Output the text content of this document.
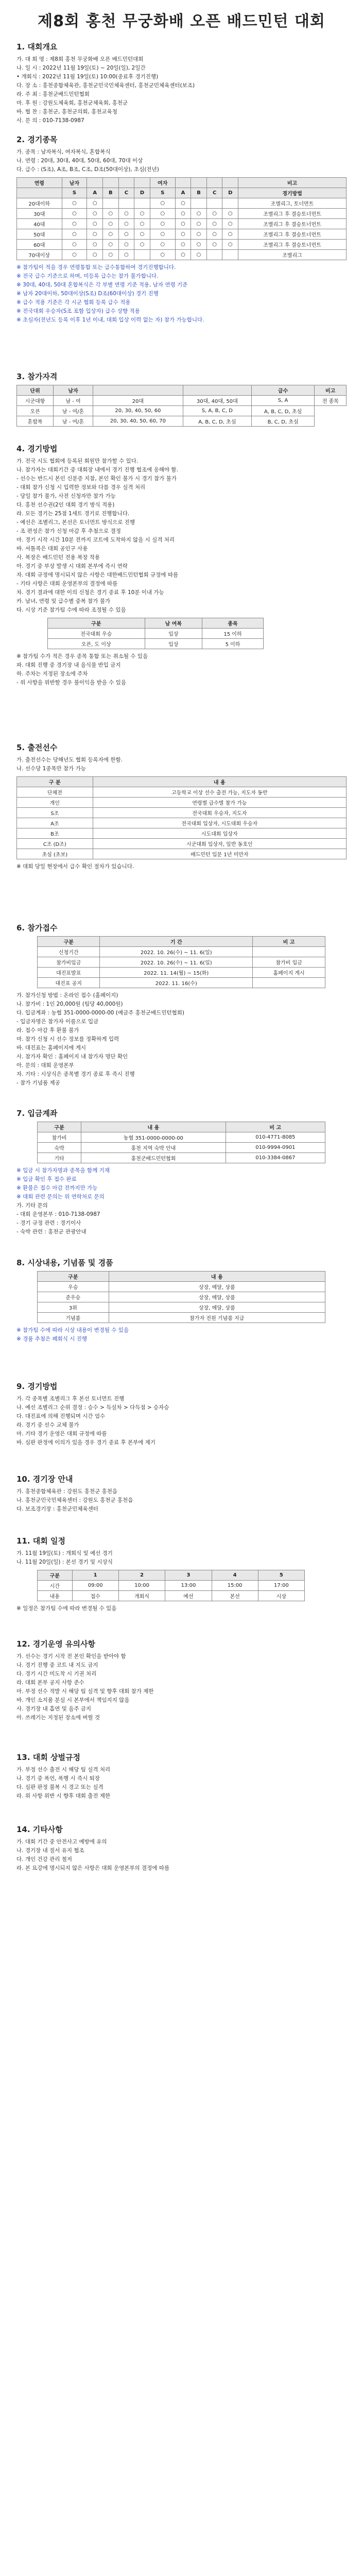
제8회 홍천 무궁화배 오픈 배드민턴 대회
1. 대회개요
가. 대 회 명 : 제8회 홍천 무궁화배 오픈 배드민턴대회
나. 일 시 : 2022년 11월 19일(토) ~ 20일(일), 2일간
• 개회식 : 2022년 11월 19일(토) 10:00(종료후 경기진행)
다. 장 소 : 홍천종합체육관, 홍천군민국민체육센터, 홍천군민체육센터(보조)
라. 주 최 : 홍천군배드민턴협회
마. 후 원 : 강원도체육회, 홍천군체육회, 홍천군
바. 협 찬 : 홍천군, 홍천군의회, 홍천교육청
사. 문 의 : 010-7138-0987
2. 경기종목
가. 종목 : 남자복식, 여자복식, 혼합복식
나. 연령 : 20대, 30대, 40대, 50대, 60대, 70대 이상
다. 급수 : (S조), A조, B조, C조, D조(50대이상), 초심(전년)
연령	남자					여자					비고
	S	A	B	C	D	S	A	B	C	D	경기방법
20대이하	○	○				○	○				조별리그, 토너먼트
30대	○	○	○	○	○	○	○	○	○	○	조별리그 후 결승토너먼트
40대	○	○	○	○	○	○	○	○	○	○	조별리그 후 결승토너먼트
50대	○	○	○	○	○	○	○	○	○	○	조별리그 후 결승토너먼트
60대	○	○	○	○	○	○	○	○	○	○	조별리그 후 결승토너먼트
70대이상	○	○	○	○		○	○	○			조별리그
※ 참가팀이 적을 경우 연령통합 또는 급수통합하여 경기진행합니다.
※ 전국 급수 기준으로 하며, 미등록 급수는 참가 불가합니다.
※ 30대, 40대, 50대 혼합복식은 각 부별 연령 기준 적용, 남자 연령 기준
※ 남자 20대이하, 50대이상(S조) D조(60대이상) 경기 진행
※ 급수 적용 기준은 각 시군 협회 등록 급수 적용
※ 전국대회 우승자(S조 포함 입상자) 급수 상향 적용
※ 초심자(전년도 등록 이후 1년 이내, 대회 입상 이력 없는 자) 참가 가능합니다.
3. 참가자격
단위	남자			급수	비고
시군대항	남 - 여	20대	30대, 40대, 50대	S, A	전 종목
오픈	남 - 여/혼	20, 30, 40, 50, 60	S, A, B, C, D	A, B, C, D, 초심	
혼합복	남 - 여/혼	20, 30, 40, 50, 60, 70	A, B, C, D, 초심	B, C, D, 초심	
4. 경기방법
가. 전국 시도 협회에 등록된 회원만 참가할 수 있다.
나. 참가자는 대회기간 중 대회장 내에서 경기 진행 협조에 응해야 함.
- 선수는 반드시 본인 신분증 지참, 본인 확인 불가 시 경기 참가 불가
- 대회 참가 신청 시 입력한 정보와 다를 경우 실격 처리
- 당일 참가 불가, 사전 신청자만 참가 가능
다. 홍천 선수권(2인 대회 경기 방식 적용)
라. 모든 경기는 25점 1세트 경기로 진행합니다.
- 예선은 조별리그, 본선은 토너먼트 방식으로 진행
- 조 편성은 참가 신청 마감 후 추첨으로 결정
마. 경기 시작 시간 10분 전까지 코트에 도착하지 않을 시 실격 처리
바. 셔틀콕은 대회 공인구 사용
사. 복장은 배드민턴 전용 복장 착용
아. 경기 중 부상 발생 시 대회 본부에 즉시 연락
자. 대회 규정에 명시되지 않은 사항은 대한배드민턴협회 규정에 따름
- 기타 사항은 대회 운영본부의 결정에 따름
차. 경기 결과에 대한 이의 신청은 경기 종료 후 10분 이내 가능
카. 남녀, 연령 및 급수별 중복 참가 불가
타. 시상 기준 참가팀 수에 따라 조정될 수 있음
구분	남 여복	종목
전국대회 우승	입상	15 이하
오픈, 도 이상	입상	5 이하
※ 참가팀 수가 적은 경우 종목 통합 또는 취소될 수 있음
파. 대회 진행 중 경기장 내 음식물 반입 금지
하. 주차는 지정된 장소에 주차
- 위 사항을 위반할 경우 불이익을 받을 수 있음
5. 출전선수
가. 출전선수는 당해년도 협회 등록자에 한함.
나. 선수당 1종목만 참가 가능
구 분	내 용
단체전	고등학교 이상 선수 출전 가능, 지도자 동반
개인	연령별 급수별 참가 가능
S조	전국대회 우승자, 지도자
A조	전국대회 입상자, 시도대회 우승자
B조	시도대회 입상자
C조 (D조)	시군대회 입상자, 일반 동호인
초심 (초보)	배드민턴 입문 1년 미만자
※ 대회 당일 현장에서 급수 확인 절차가 있습니다.
6. 참가접수
구분	기 간	비 고
신청기간	2022. 10. 26(수) ~ 11. 6(일)	
참가비입금	2022. 10. 26(수) ~ 11. 6(일)	참가비 입금
대진표발표	2022. 11. 14(월) ~ 15(화)	홈페이지 게시
대진표 공지	2022. 11. 16(수)	
가. 참가신청 방법 : 온라인 접수 (홈페이지)
나. 참가비 : 1인 20,000원 (팀당 40,000원)
다. 입금계좌 : 농협 351-0000-0000-00 (예금주 홍천군배드민턴협회)
- 입금자명은 참가자 이름으로 입금
라. 접수 마감 후 환불 불가
마. 참가 신청 시 선수 정보를 정확하게 입력
바. 대진표는 홈페이지에 게시
사. 참가자 확인 : 홈페이지 내 참가자 명단 확인
아. 문의 : 대회 운영본부
자. 기타 : 시상식은 종목별 경기 종료 후 즉시 진행
- 참가 기념품 제공
7. 입금계좌
구분	내 용	비 고
참가비	농협 351-0000-0000-00	010-4771-8085
숙박	홍천 지역 숙박 안내	010-9994-0901
기타	홍천군배드민턴협회	010-3384-0867
※ 입금 시 참가자명과 종목을 함께 기재
※ 입금 확인 후 접수 완료
※ 환불은 접수 마감 전까지만 가능
※ 대회 관련 문의는 위 연락처로 문의
가. 기타 문의
- 대회 운영본부 : 010-7138-0987
- 경기 규정 관련 : 경기이사
- 숙박 관련 : 홍천군 관광안내
8. 시상내용, 기념품 및 경품
구분	내 용
우승	상장, 메달, 상품
준우승	상장, 메달, 상품
3위	상장, 메달, 상품
기념품	참가자 전원 기념품 지급
※ 참가팀 수에 따라 시상 내용이 변경될 수 있음
※ 경품 추첨은 폐회식 시 진행
9. 경기방법
가. 각 종목별 조별리그 후 본선 토너먼트 진행
나. 예선 조별리그 순위 결정 : 승수 > 득실차 > 다득점 > 승자승
다. 대진표에 의해 진행되며 시간 엄수
라. 경기 중 선수 교체 불가
마. 기타 경기 운영은 대회 규정에 따름
바. 심판 판정에 이의가 있을 경우 경기 종료 후 본부에 제기
10. 경기장 안내
가. 홍천종합체육관 : 강원도 홍천군 홍천읍
나. 홍천군민국민체육센터 : 강원도 홍천군 홍천읍
다. 보조경기장 : 홍천군민체육센터
11. 대회 일정
가. 11월 19일(토) : 개회식 및 예선 경기
나. 11월 20일(일) : 본선 경기 및 시상식
구분	1	2	3	4	5
시간	09:00	10:00	13:00	15:00	17:00
내용	접수	개회식	예선	본선	시상
※ 일정은 참가팀 수에 따라 변경될 수 있음
12. 경기운영 유의사항
가. 선수는 경기 시작 전 본인 확인을 받아야 함
나. 경기 진행 중 코트 내 지도 금지
다. 경기 시간 미도착 시 기권 처리
라. 대회 본부 공지 사항 준수
마. 부정 선수 적발 시 해당 팀 실격 및 향후 대회 참가 제한
바. 개인 소지품 분실 시 본부에서 책임지지 않음
사. 경기장 내 흡연 및 음주 금지
아. 쓰레기는 지정된 장소에 버릴 것
13. 대회 상벌규정
가. 부정 선수 출전 시 해당 팀 실격 처리
나. 경기 중 폭언, 폭행 시 즉시 퇴장
다. 심판 판정 불복 시 경고 또는 실격
라. 위 사항 위반 시 향후 대회 출전 제한
14. 기타사항
가. 대회 기간 중 안전사고 예방에 유의
나. 경기장 내 질서 유지 협조
다. 개인 건강 관리 철저
라. 본 요강에 명시되지 않은 사항은 대회 운영본부의 결정에 따름
